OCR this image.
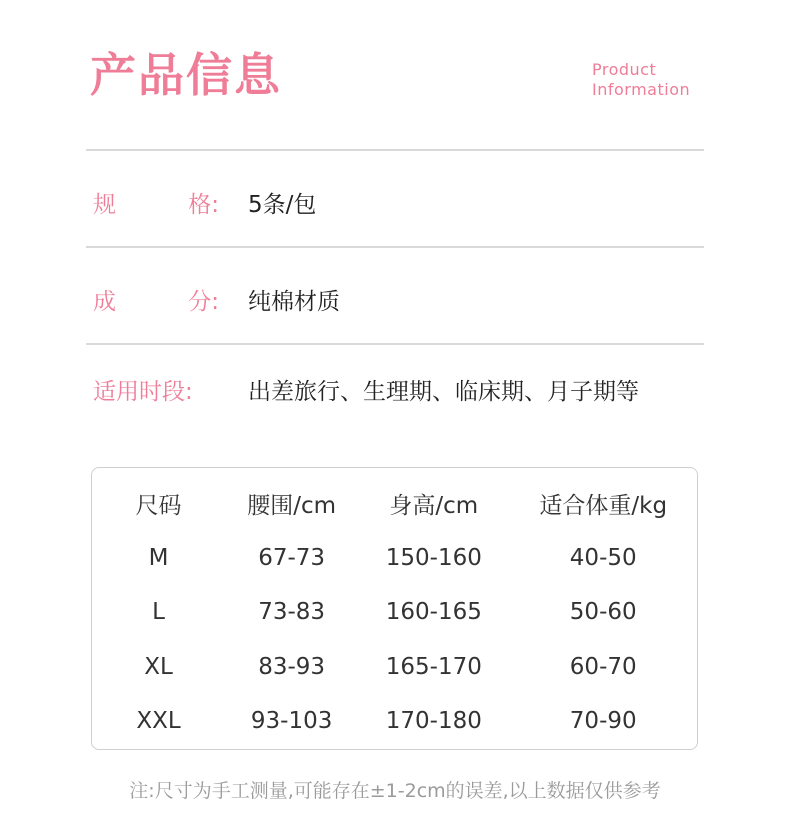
产品信息	Product
Information
规	格: 5条/包
成	分: 纯棉材质
适用时段:	出差旅行、生理期、临床期、月子期等
尺码	腰围/cm	身高/cm	适合体重/kg
M	67-73	150-160	40-50
L	73-83	160-165	50-60
XL	83-93	165-170	60-70
XXL	93-103	170-180	70-90
注:尺寸为手工测量,可能存在±1-2cm的误差,以上数据仅供参考
